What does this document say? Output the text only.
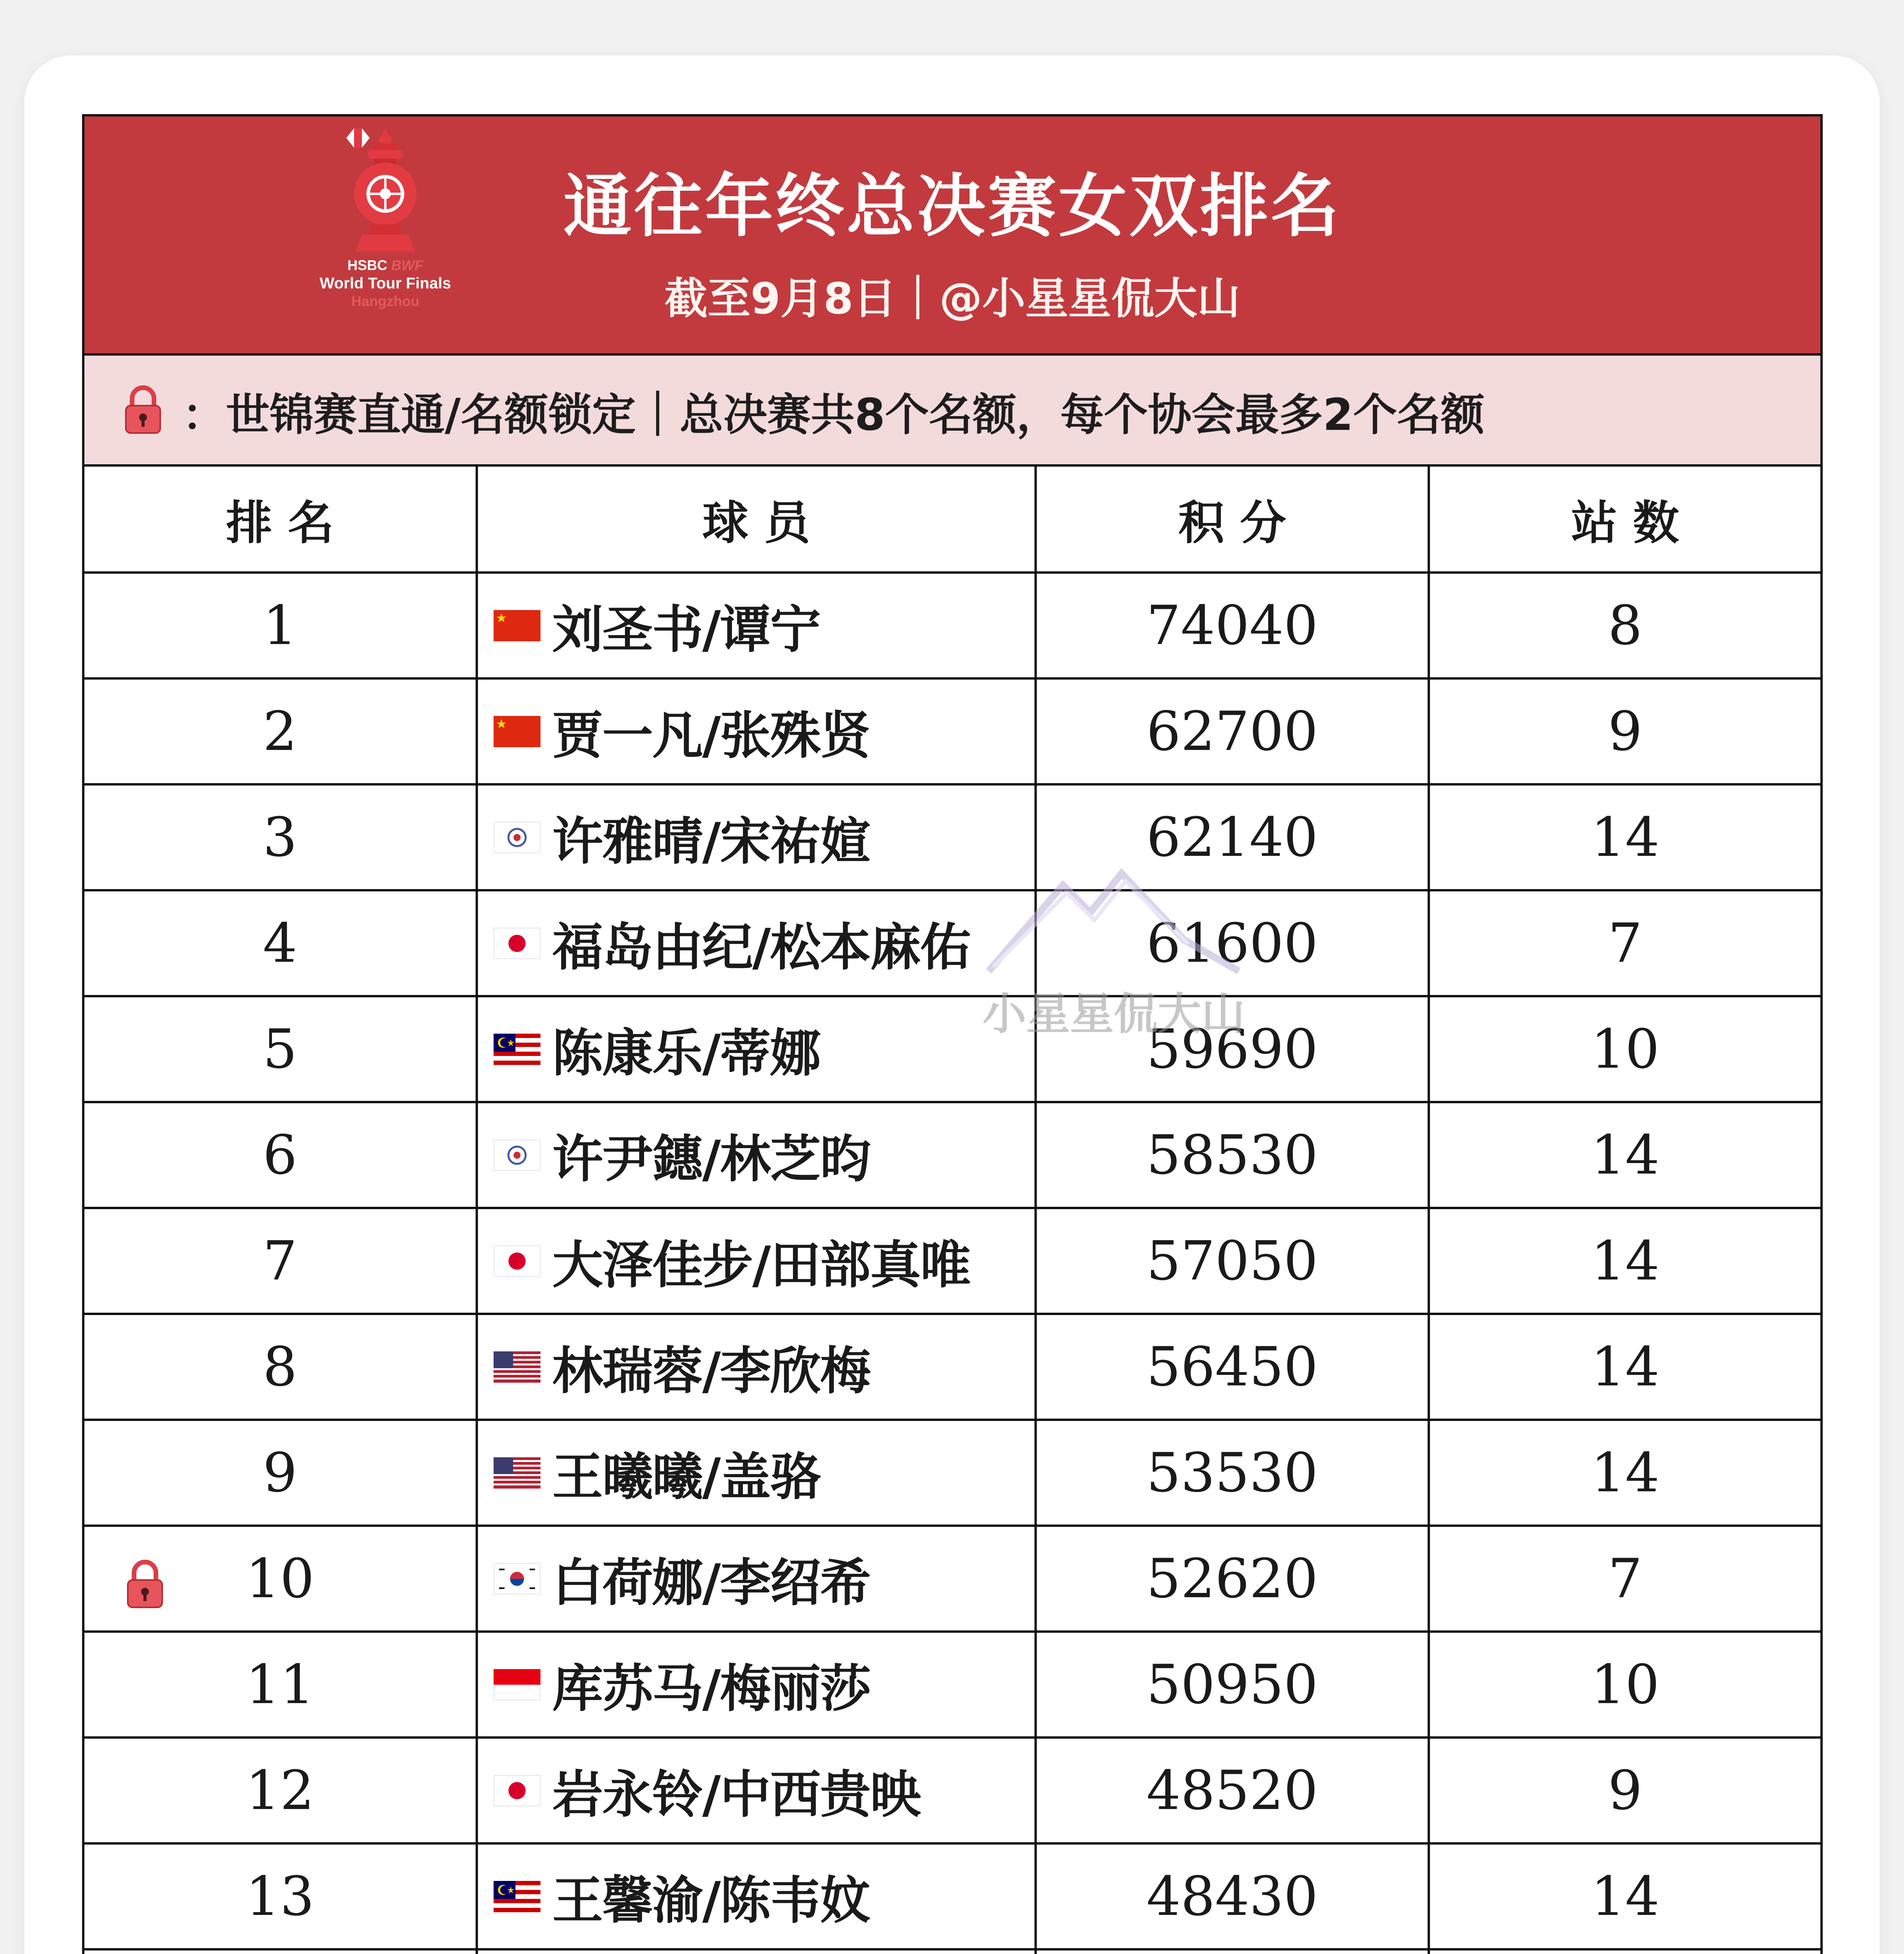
HSBC BWF
World Tour Finals
Hangzhou
通往年终总决赛女双排名
截至9月8日｜@小星星侃大山
：世锦赛直通/名额锁定｜总决赛共8个名额，每个协会最多2个名额
排名	球员	积分	站数
1	刘圣书/谭宁	74040	8
2	贾一凡/张殊贤	62700	9
3	许雅晴/宋祐媗	62140	14
4	福岛由纪/松本麻佑	61600	7
5	陈康乐/蒂娜	59690	10
6	许尹鏸/林芝昀	58530	14
7	大泽佳步/田部真唯	57050	14
8	林瑞蓉/李欣梅	56450	14
9	王曦曦/盖骆	53530	14

10	白荷娜/李绍希	52620	7
11	库苏马/梅丽莎	50950	10
12	岩永铃/中西贵映	48520	9
13	王馨渝/陈韦妏	48430	14

小星星侃大山
